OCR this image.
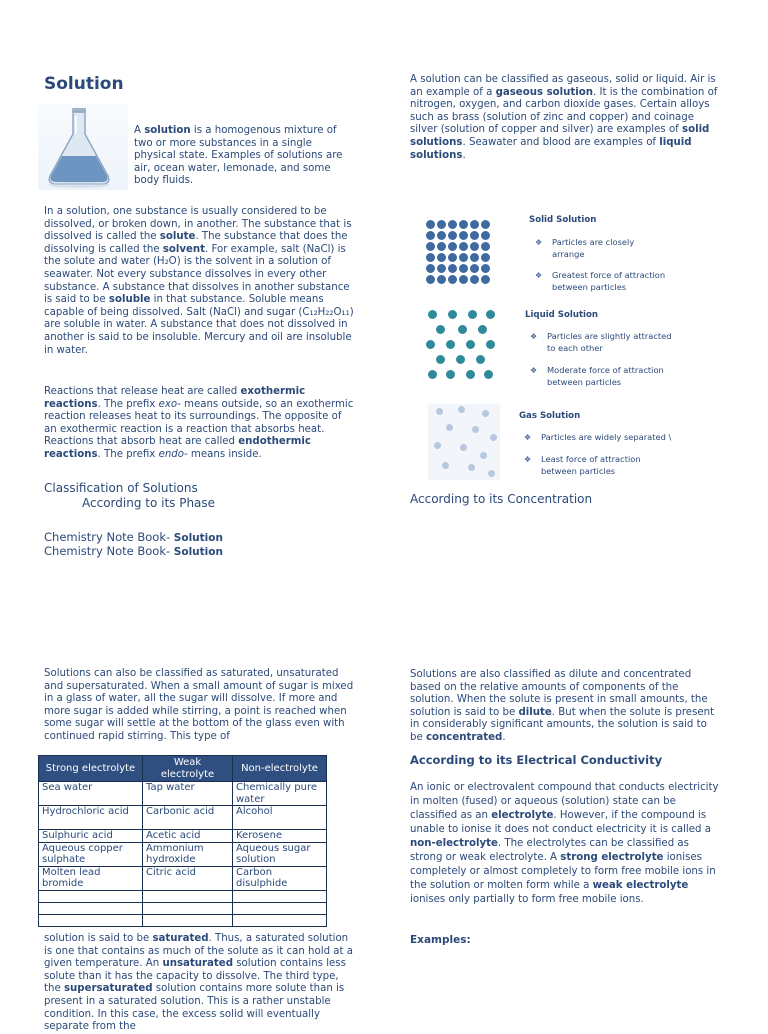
Solution

A solution is a homogenous mixture of two or more substances in a single physical state. Examples of solutions are air, ocean water, lemonade, and some body fluids.

In a solution, one substance is usually considered to be dissolved, or broken down, in another. The substance that is dissolved is called the solute. The substance that does the dissolving is called the solvent. For example, salt (NaCl) is the solute and water (H₂O) is the solvent in a solution of seawater. Not every substance dissolves in every other substance. A substance that dissolves in another substance is said to be soluble in that substance. Soluble means capable of being dissolved. Salt (NaCl) and sugar (C₁₂H₂₂O₁₁) are soluble in water. A substance that does not dissolved in another is said to be insoluble. Mercury and oil are insoluble in water.

Reactions that release heat are called exothermic reactions. The prefix exo- means outside, so an exothermic reaction releases heat to its surroundings. The opposite of an exothermic reaction is a reaction that absorbs heat. Reactions that absorb heat are called endothermic reactions. The prefix endo- means inside.

Classification of Solutions
According to its Phase
Chemistry Note Book- Solution
Chemistry Note Book- Solution

Solutions can also be classified as saturated, unsaturated and supersaturated. When a small amount of sugar is mixed in a glass of water, all the sugar will dissolve. If more and more sugar is added while stirring, a point is reached when some sugar will settle at the bottom of the glass even with continued rapid stirring. This type of

Strong electrolyte	Weak electrolyte	Non-electrolyte
Sea water	Tap water	Chemically pure water
Hydrochloric acid	Carbonic acid	Alcohol
Sulphuric acid	Acetic acid	Kerosene
Aqueous copper sulphate	Ammonium hydroxide	Aqueous sugar solution
Molten lead bromide	Citric acid	Carbon disulphide

solution is said to be saturated. Thus, a saturated solution is one that contains as much of the solute as it can hold at a given temperature. An unsaturated solution contains less solute than it has the capacity to dissolve. The third type, the supersaturated solution contains more solute than is present in a saturated solution. This is a rather unstable condition. In this case, the excess solid will eventually separate from the

A solution can be classified as gaseous, solid or liquid. Air is an example of a gaseous solution. It is the combination of nitrogen, oxygen, and carbon dioxide gases. Certain alloys such as brass (solution of zinc and copper) and coinage silver (solution of copper and silver) are examples of solid solutions. Seawater and blood are examples of liquid solutions.

Solid Solution
❖ Particles are closely
arrange
❖ Greatest force of attraction
between particles
Liquid Solution
❖ Particles are slightly attracted
to each other
❖ Moderate force of attraction
between particles
Gas Solution
❖ Particles are widely separated \
❖ Least force of attraction
between particles
According to its Concentration

Solutions are also classified as dilute and concentrated based on the relative amounts of components of the solution. When the solute is present in small amounts, the solution is said to be dilute. But when the solute is present in considerably significant amounts, the solution is said to be concentrated.

According to its Electrical Conductivity

An ionic or electrovalent compound that conducts electricity in molten (fused) or aqueous (solution) state can be classified as an electrolyte. However, if the compound is unable to ionise it does not conduct electricity it is called a non-electrolyte. The electrolytes can be classified as strong or weak electrolyte. A strong electrolyte ionises completely or almost completely to form free mobile ions in the solution or molten form while a weak electrolyte ionises only partially to form free mobile ions.

Examples:
